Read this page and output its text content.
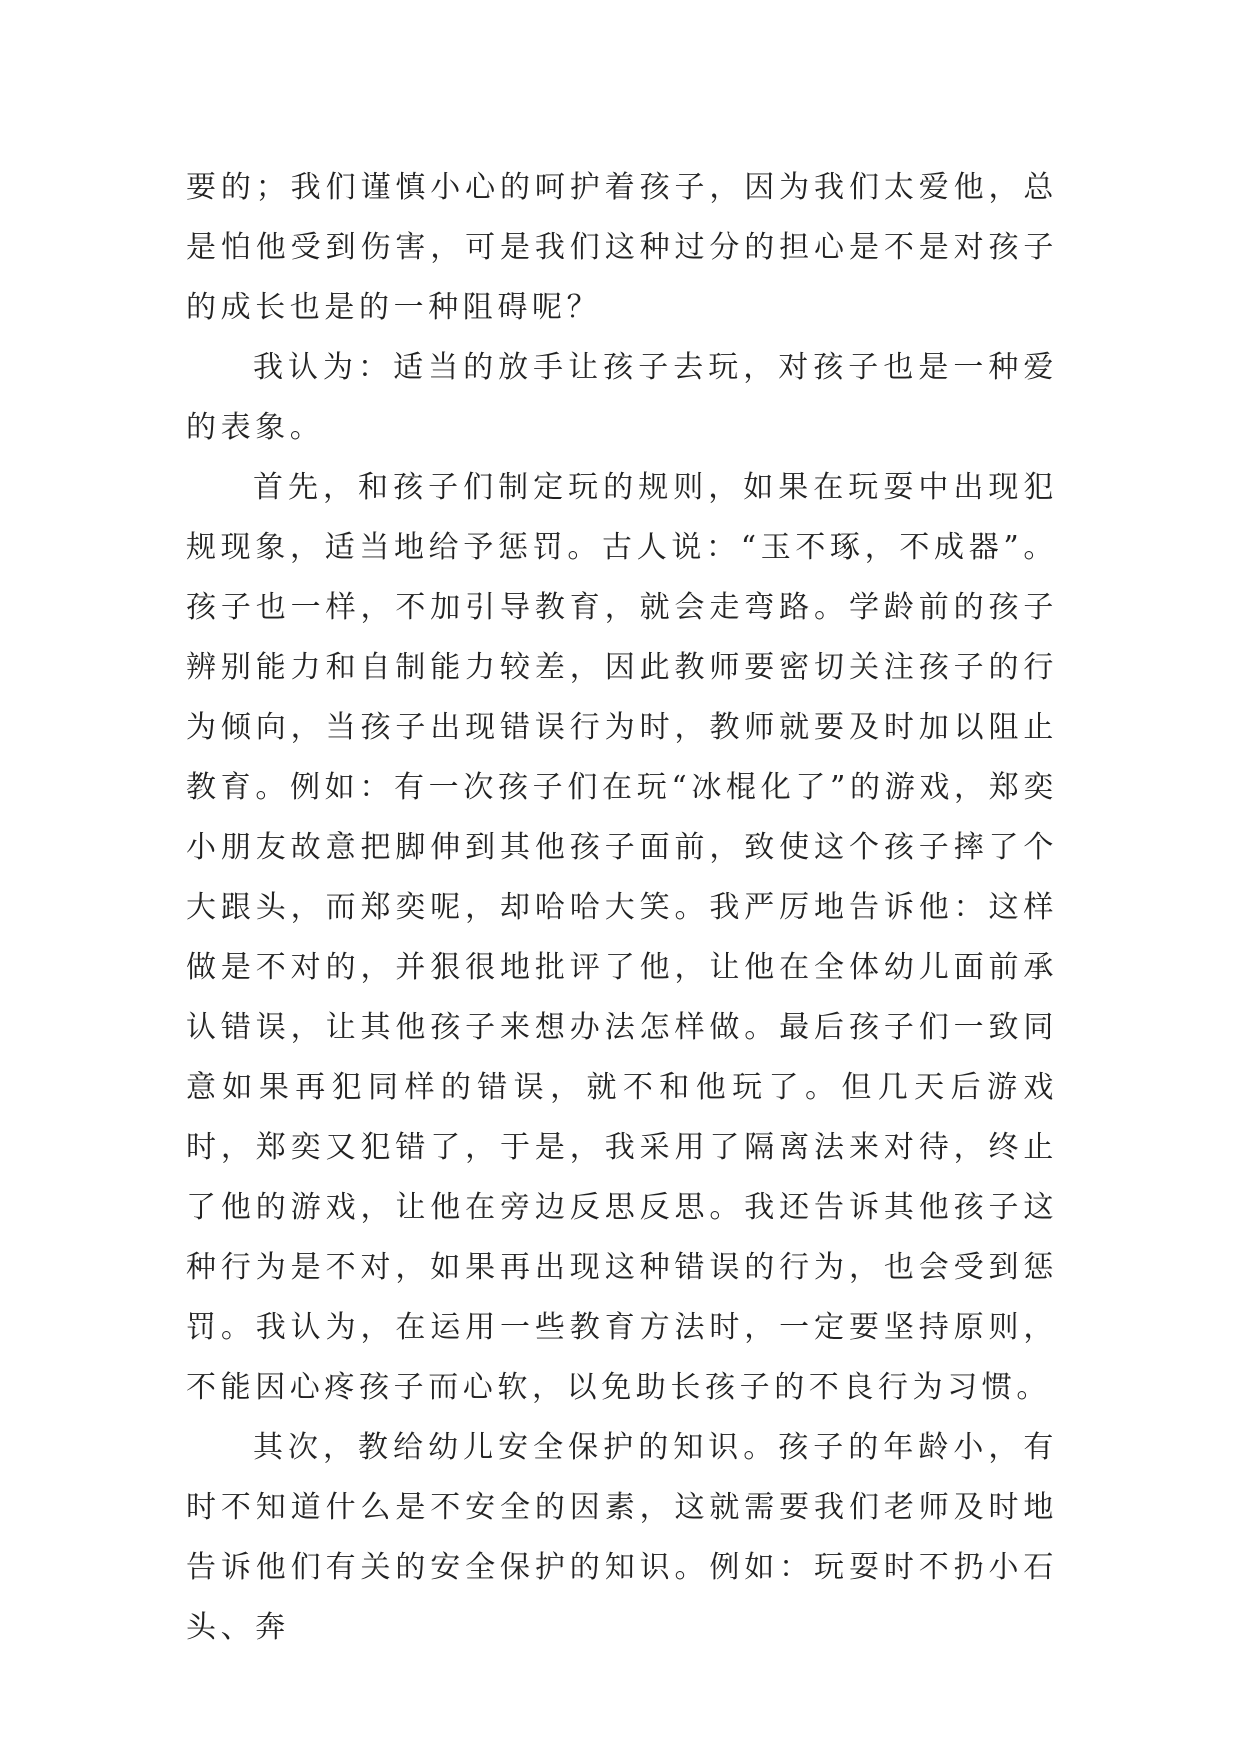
要的；我们谨慎小心的呵护着孩子，因为我们太爱他，总是怕他受到伤害，可是我们这种过分的担心是不是对孩子的成长也是的一种阻碍呢？

我认为：适当的放手让孩子去玩，对孩子也是一种爱的表象。

首先，和孩子们制定玩的规则，如果在玩耍中出现犯规现象，适当地给予惩罚。古人说：“玉不琢，不成器”。孩子也一样，不加引导教育，就会走弯路。学龄前的孩子辨别能力和自制能力较差，因此教师要密切关注孩子的行为倾向，当孩子出现错误行为时，教师就要及时加以阻止教育。例如：有一次孩子们在玩“冰棍化了”的游戏，郑奕小朋友故意把脚伸到其他孩子面前，致使这个孩子摔了个大跟头，而郑奕呢，却哈哈大笑。我严厉地告诉他：这样做是不对的，并狠很地批评了他，让他在全体幼儿面前承认错误，让其他孩子来想办法怎样做。最后孩子们一致同意如果再犯同样的错误，就不和他玩了。但几天后游戏时，郑奕又犯错了，于是，我采用了隔离法来对待，终止了他的游戏，让他在旁边反思反思。我还告诉其他孩子这种行为是不对，如果再出现这种错误的行为，也会受到惩罚。我认为，在运用一些教育方法时，一定要坚持原则，不能因心疼孩子而心软，以免助长孩子的不良行为习惯。

其次，教给幼儿安全保护的知识。孩子的年龄小，有时不知道什么是不安全的因素，这就需要我们老师及时地告诉他们有关的安全保护的知识。例如：玩耍时不扔小石头、奔
